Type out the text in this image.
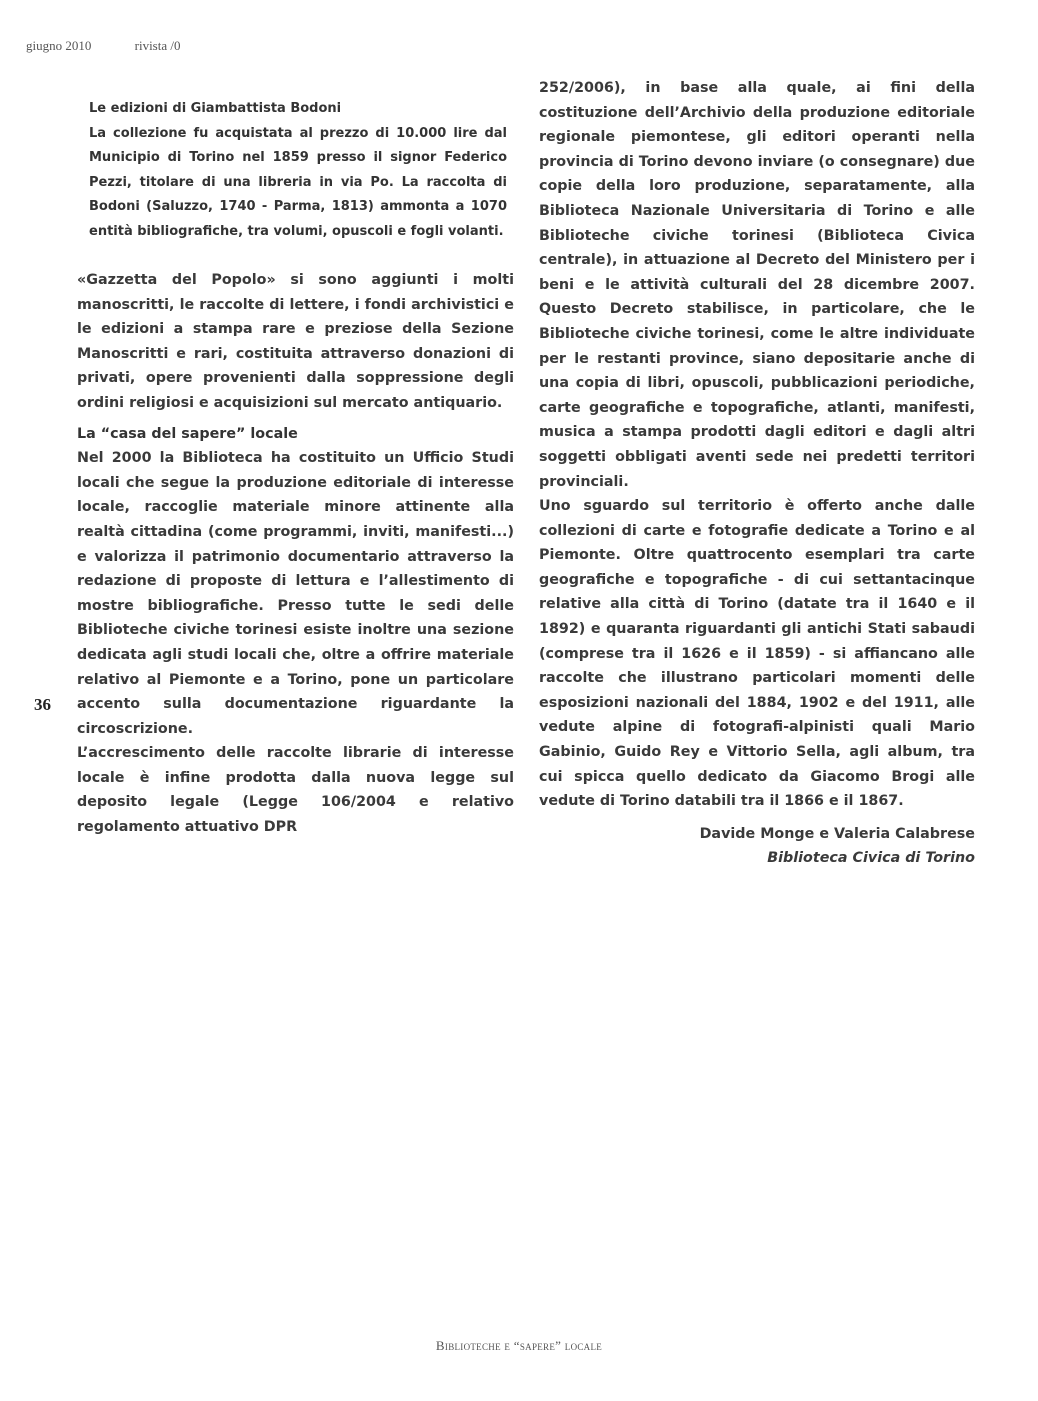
giugno 2010	rivista /0

Le edizioni di Giambattista Bodoni

La collezione fu acquistata al prezzo di 10.000 lire dal Municipio di Torino nel 1859 presso il signor Federico Pezzi, titolare di una libreria in via Po. La raccolta di Bodoni (Saluzzo, 1740 - Parma, 1813) ammonta a 1070 entità bibliografiche, tra volumi, opuscoli e fogli volanti.

«Gazzetta del Popolo» si sono aggiunti i molti manoscritti, le raccolte di lettere, i fondi archivistici e le edizioni a stampa rare e preziose della Sezione Manoscritti e rari, costituita attraverso donazioni di privati, opere provenienti dalla soppressione degli ordini religiosi e acquisizioni sul mercato antiquario.

La “casa del sapere” locale

Nel 2000 la Biblioteca ha costituito un Ufficio Studi locali che segue la produzione editoriale di interesse locale, raccoglie materiale minore attinente alla realtà cittadina (come programmi, inviti, manifesti...) e valorizza il patrimonio documentario attraverso la redazione di proposte di lettura e l’allestimento di mostre bibliografiche. Presso tutte le sedi delle Biblioteche civiche torinesi esiste inoltre una sezione dedicata agli studi locali che, oltre a offrire materiale relativo al Piemonte e a Torino, pone un particolare accento sulla documentazione riguardante la circoscrizione.

L’accrescimento delle raccolte librarie di interesse locale è infine prodotta dalla nuova legge sul deposito legale (Legge 106/2004 e relativo regolamento attuativo DPR

36

252/2006), in base alla quale, ai fini della costituzione dell’Archivio della produzione editoriale regionale piemontese, gli editori operanti nella provincia di Torino devono inviare (o consegnare) due copie della loro produzione, separatamente, alla Biblioteca Nazionale Universitaria di Torino e alle Biblioteche civiche torinesi (Biblioteca Civica centrale), in attuazione al Decreto del Ministero per i beni e le attività culturali del 28 dicembre 2007. Questo Decreto stabilisce, in particolare, che le Biblioteche civiche torinesi, come le altre individuate per le restanti province, siano depositarie anche di una copia di libri, opuscoli, pubblicazioni periodiche, carte geografiche e topografiche, atlanti, manifesti, musica a stampa prodotti dagli editori e dagli altri soggetti obbligati aventi sede nei predetti territori provinciali.

Uno sguardo sul territorio è offerto anche dalle collezioni di carte e fotografie dedicate a Torino e al Piemonte. Oltre quattrocento esemplari tra carte geografiche e topografiche - di cui settantacinque relative alla città di Torino (datate tra il 1640 e il 1892) e quaranta riguardanti gli antichi Stati sabaudi (comprese tra il 1626 e il 1859) - si affiancano alle raccolte che illustrano particolari momenti delle esposizioni nazionali del 1884, 1902 e del 1911, alle vedute alpine di fotografi-alpinisti quali Mario Gabinio, Guido Rey e Vittorio Sella, agli album, tra cui spicca quello dedicato da Giacomo Brogi alle vedute di Torino databili tra il 1866 e il 1867.

Davide Monge e Valeria Calabrese

Biblioteca Civica di Torino

Biblioteche e “sapere” locale
